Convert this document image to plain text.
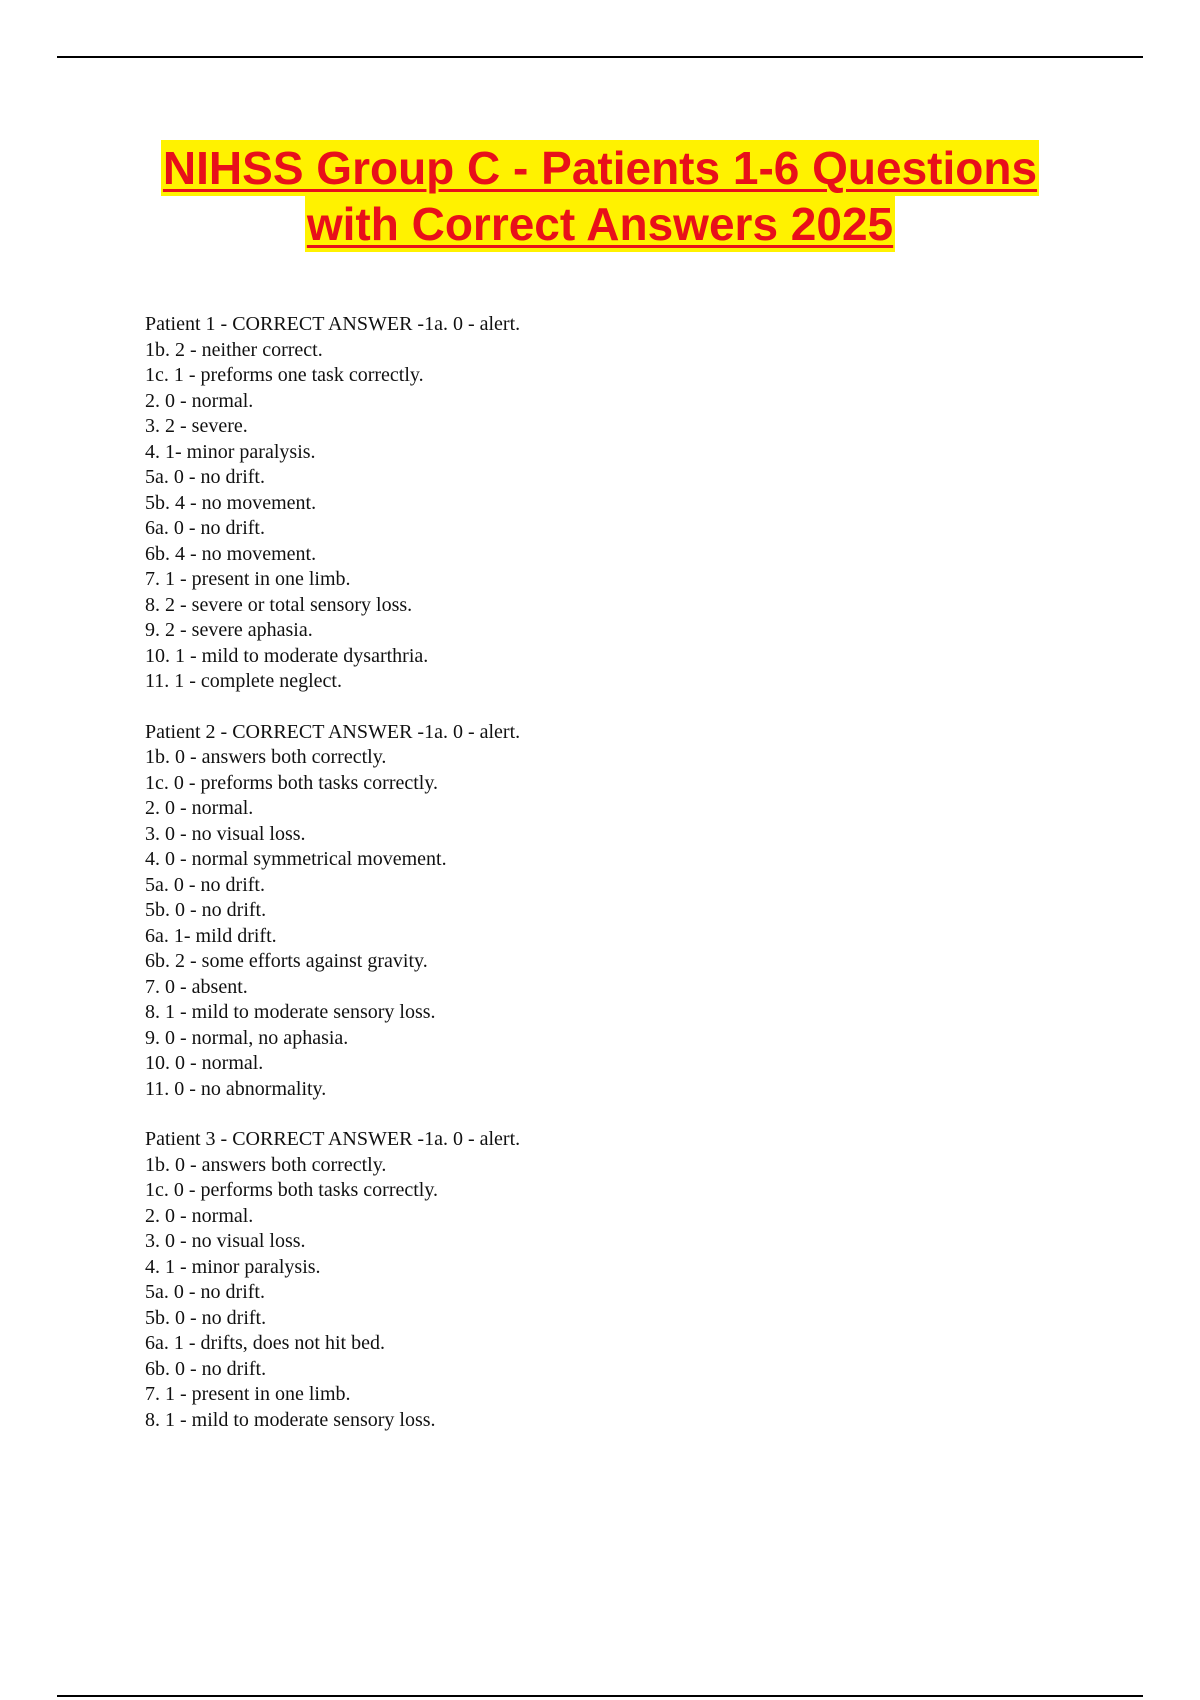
NIHSS Group C - Patients 1-6 Questions
with Correct Answers 2025
Patient 1 - CORRECT ANSWER -1a. 0 - alert.
1b. 2 - neither correct.
1c. 1 - preforms one task correctly.
2. 0 - normal.
3. 2 - severe.
4. 1- minor paralysis.
5a. 0 - no drift.
5b. 4 - no movement.
6a. 0 - no drift.
6b. 4 - no movement.
7. 1 - present in one limb.
8. 2 - severe or total sensory loss.
9. 2 - severe aphasia.
10. 1 - mild to moderate dysarthria.
11. 1 - complete neglect.
Patient 2 - CORRECT ANSWER -1a. 0 - alert.
1b. 0 - answers both correctly.
1c. 0 - preforms both tasks correctly.
2. 0 - normal.
3. 0 - no visual loss.
4. 0 - normal symmetrical movement.
5a. 0 - no drift.
5b. 0 - no drift.
6a. 1- mild drift.
6b. 2 - some efforts against gravity.
7. 0 - absent.
8. 1 - mild to moderate sensory loss.
9. 0 - normal, no aphasia.
10. 0 - normal.
11. 0 - no abnormality.
Patient 3 - CORRECT ANSWER -1a. 0 - alert.
1b. 0 - answers both correctly.
1c. 0 - performs both tasks correctly.
2. 0 - normal.
3. 0 - no visual loss.
4. 1 - minor paralysis.
5a. 0 - no drift.
5b. 0 - no drift.
6a. 1 - drifts, does not hit bed.
6b. 0 - no drift.
7. 1 - present in one limb.
8. 1 - mild to moderate sensory loss.
